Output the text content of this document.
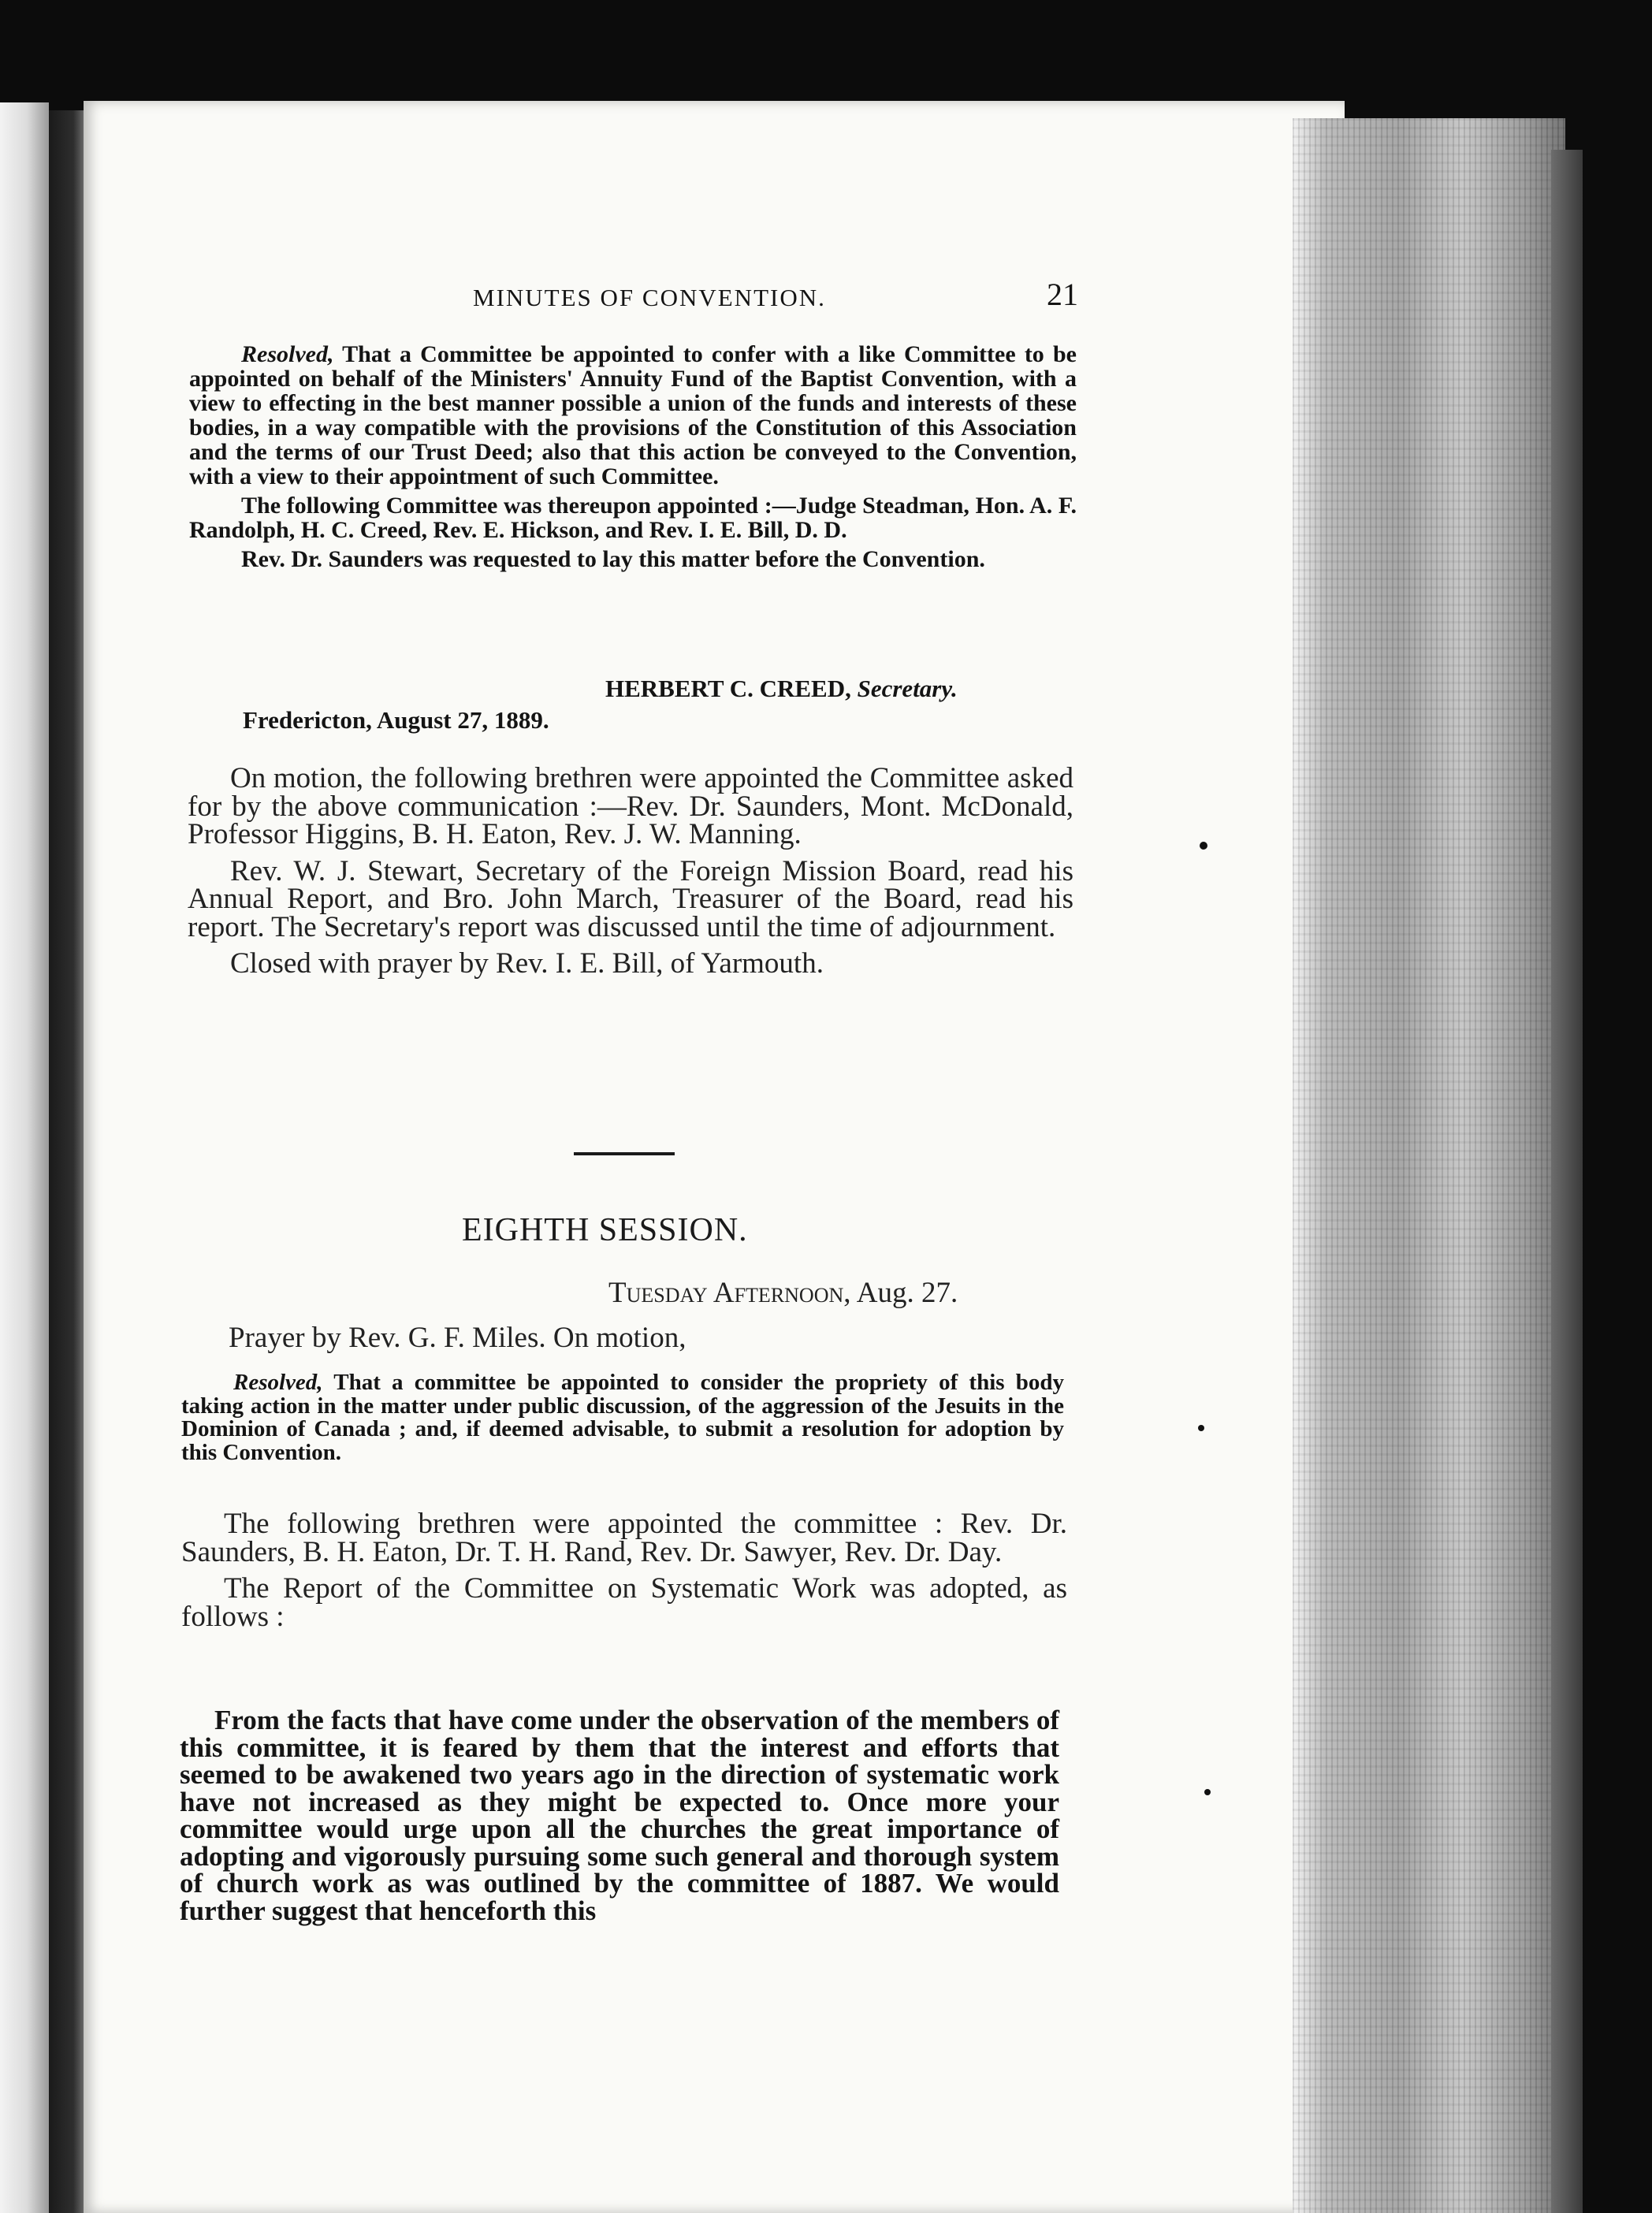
MINUTES OF CONVENTION.	21

Resolved, That a Committee be appointed to confer with a like Committee to be appointed on behalf of the Ministers' Annuity Fund of the Baptist Convention, with a view to effecting in the best manner possible a union of the funds and interests of these bodies, in a way compatible with the provisions of the Constitution of this Association and the terms of our Trust Deed; also that this action be conveyed to the Convention, with a view to their appointment of such Committee.

The following Committee was thereupon appointed :—Judge Steadman, Hon. A. F. Randolph, H. C. Creed, Rev. E. Hickson, and Rev. I. E. Bill, D. D.

Rev. Dr. Saunders was requested to lay this matter before the Convention.

HERBERT C. CREED, Secretary.
Fredericton, August 27, 1889.

On motion, the following brethren were appointed the Committee asked for by the above communication :—Rev. Dr. Saunders, Mont. McDonald, Professor Higgins, B. H. Eaton, Rev. J. W. Manning.

Rev. W. J. Stewart, Secretary of the Foreign Mission Board, read his Annual Report, and Bro. John March, Treasurer of the Board, read his report. The Secretary's report was discussed until the time of adjournment.

Closed with prayer by Rev. I. E. Bill, of Yarmouth.

EIGHTH SESSION.
Tuesday Afternoon, Aug. 27.
Prayer by Rev. G. F. Miles. On motion,

Resolved, That a committee be appointed to consider the propriety of this body taking action in the matter under public discussion, of the aggression of the Jesuits in the Dominion of Canada ; and, if deemed advisable, to submit a resolution for adoption by this Convention.

The following brethren were appointed the committee : Rev. Dr. Saunders, B. H. Eaton, Dr. T. H. Rand, Rev. Dr. Sawyer, Rev. Dr. Day.

The Report of the Committee on Systematic Work was adopted, as follows :

From the facts that have come under the observation of the members of this committee, it is feared by them that the interest and efforts that seemed to be awakened two years ago in the direction of systematic work have not increased as they might be expected to. Once more your committee would urge upon all the churches the great importance of adopting and vigorously pursuing some such general and thorough system of church work as was outlined by the committee of 1887. We would further suggest that henceforth this
